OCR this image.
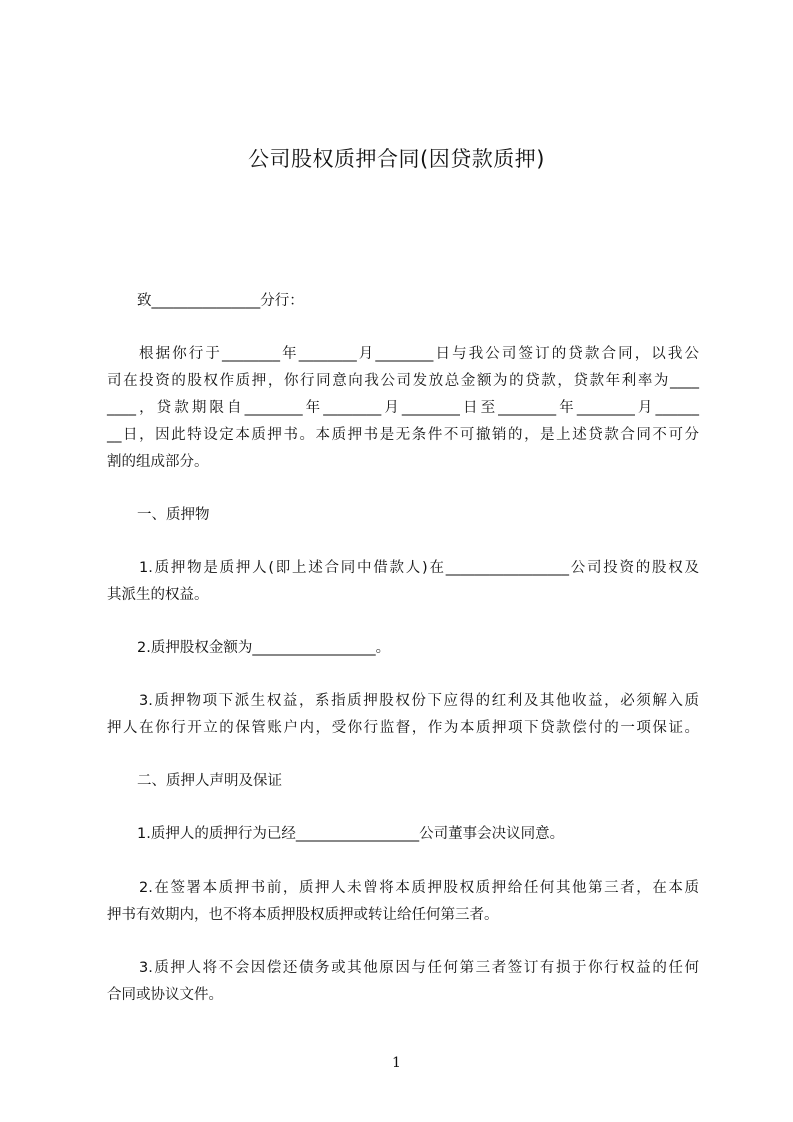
公司股权质押合同(因贷款质押)
致_______________分行：
根据你行于________年________月________日与我公司签订的贷款合同，以我公
司在投资的股权作质押，你行同意向我公司发放总金额为的贷款，贷款年利率为____
____，贷款期限自________年________月________日至________年________月______
__日，因此特设定本质押书。本质押书是无条件不可撤销的，是上述贷款合同不可分
割的组成部分。
一、质押物
1.质押物是质押人(即上述合同中借款人)在_________________公司投资的股权及
其派生的权益。
2.质押股权金额为_________________。
3.质押物项下派生权益，系指质押股权份下应得的红利及其他收益，必须解入质
押人在你行开立的保管账户内，受你行监督，作为本质押项下贷款偿付的一项保证。
二、质押人声明及保证
1.质押人的质押行为已经_________________公司董事会决议同意。
2.在签署本质押书前，质押人未曾将本质押股权质押给任何其他第三者，在本质
押书有效期内，也不将本质押股权质押或转让给任何第三者。
3.质押人将不会因偿还债务或其他原因与任何第三者签订有损于你行权益的任何
合同或协议文件。
1
